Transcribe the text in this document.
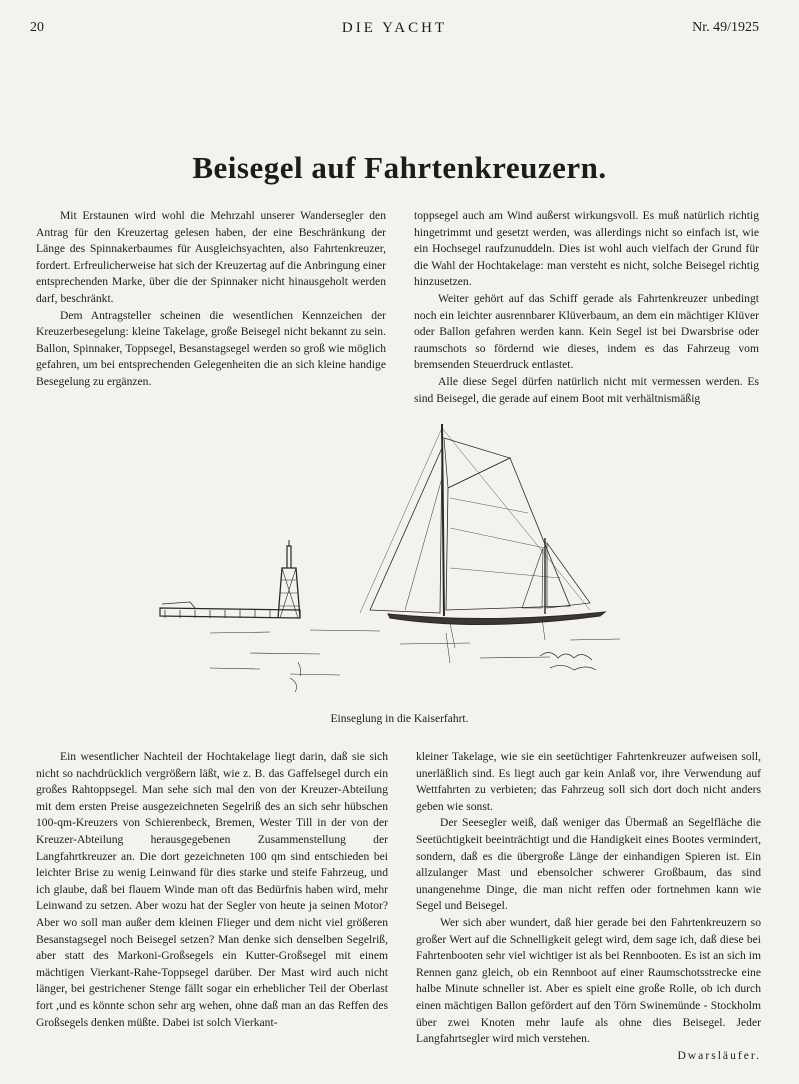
20	DIE YACHT	Nr. 49/1925
Beisegel auf Fahrtenkreuzern.

Mit Erstaunen wird wohl die Mehrzahl unserer Wandersegler den Antrag für den Kreuzertag gelesen haben, der eine Beschränkung der Länge des Spinnakerbaumes für Ausgleichsyachten, also Fahrtenkreuzer, fordert. Erfreulicherweise hat sich der Kreuzertag auf die Anbringung einer entsprechenden Marke, über die der Spinnaker nicht hinausgeholt werden darf, beschränkt.

Dem Antragsteller scheinen die wesentlichen Kennzeichen der Kreuzerbesegelung: kleine Takelage, große Beisegel nicht bekannt zu sein. Ballon, Spinnaker, Toppsegel, Besanstagsegel werden so groß wie möglich gefahren, um bei entsprechenden Gelegenheiten die an sich kleine handige Besegelung zu ergänzen.

toppsegel auch am Wind außerst wirkungsvoll. Es muß natürlich richtig hingetrimmt und gesetzt werden, was allerdings nicht so einfach ist, wie ein Hochsegel raufzunuddeln. Dies ist wohl auch vielfach der Grund für die Wahl der Hochtakelage: man versteht es nicht, solche Beisegel richtig hinzusetzen.

Weiter gehört auf das Schiff gerade als Fahrtenkreuzer unbedingt noch ein leichter ausrennbarer Klüverbaum, an dem ein mächtiger Klüver oder Ballon gefahren werden kann. Kein Segel ist bei Dwarsbrise oder raumschots so fördernd wie dieses, indem es das Fahrzeug vom bremsenden Steuerdruck entlastet.

Alle diese Segel dürfen natürlich nicht mit vermessen werden. Es sind Beisegel, die gerade auf einem Boot mit verhältnismäßig

Einseglung in die Kaiserfahrt.

Ein wesentlicher Nachteil der Hochtakelage liegt darin, daß sie sich nicht so nachdrücklich vergrößern läßt, wie z. B. das Gaffelsegel durch ein großes Rahtoppsegel. Man sehe sich mal den von der Kreuzer-Abteilung mit dem ersten Preise ausgezeichneten Segelriß des an sich sehr hübschen 100-qm-Kreuzers von Schierenbeck, Bremen, Wester Till in der von der Kreuzer-Abteilung herausgegebenen Zusammenstellung der Langfahrtkreuzer an. Die dort gezeichneten 100 qm sind entschieden bei leichter Brise zu wenig Leinwand für dies starke und steife Fahrzeug, und ich glaube, daß bei flauem Winde man oft das Bedürfnis haben wird, mehr Leinwand zu setzen. Aber wozu hat der Segler von heute ja seinen Motor? Aber wo soll man außer dem kleinen Flieger und dem nicht viel größeren Besanstagsegel noch Beisegel setzen? Man denke sich denselben Segelriß, aber statt des Markoni-Großsegels ein Kutter-Großsegel mit einem mächtigen Vierkant-Rahe-Toppsegel darüber. Der Mast wird auch nicht länger, bei gestrichener Stenge fällt sogar ein erheblicher Teil der Oberlast fort ,und es könnte schon sehr arg wehen, ohne daß man an das Reffen des Großsegels denken müßte. Dabei ist solch Vierkant-

kleiner Takelage, wie sie ein seetüchtiger Fahrtenkreuzer aufweisen soll, unerläßlich sind. Es liegt auch gar kein Anlaß vor, ihre Verwendung auf Wettfahrten zu verbieten; das Fahrzeug soll sich dort doch nicht anders geben wie sonst.

Der Seesegler weiß, daß weniger das Übermaß an Segelfläche die Seetüchtigkeit beeinträchtigt und die Handigkeit eines Bootes vermindert, sondern, daß es die übergroße Länge der einhandigen Spieren ist. Ein allzulanger Mast und ebensolcher schwerer Großbaum, das sind unangenehme Dinge, die man nicht reffen oder fortnehmen kann wie Segel und Beisegel.

Wer sich aber wundert, daß hier gerade bei den Fahrtenkreuzern so großer Wert auf die Schnelligkeit gelegt wird, dem sage ich, daß diese bei Fahrtenbooten sehr viel wichtiger ist als bei Rennbooten. Es ist an sich im Rennen ganz gleich, ob ein Rennboot auf einer Raumschotsstrecke eine halbe Minute schneller ist. Aber es spielt eine große Rolle, ob ich durch einen mächtigen Ballon gefördert auf den Törn Swinemünde - Stockholm über zwei Knoten mehr laufe als ohne dies Beisegel. Jeder Langfahrtsegler wird mich verstehen.

Dwarsläufer.
